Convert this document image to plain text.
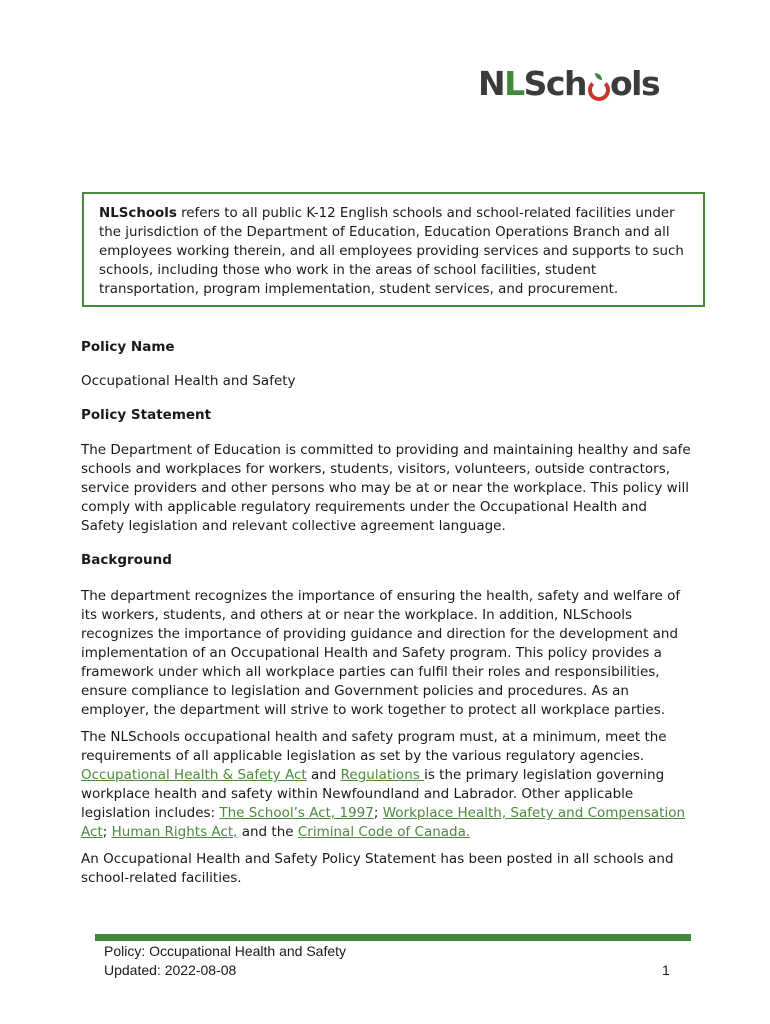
NLSch ols

NLSchools refers to all public K-12 English schools and school-related facilities under the jurisdiction of the Department of Education, Education Operations Branch and all employees working therein, and all employees providing services and supports to such schools, including those who work in the areas of school facilities, student transportation, program implementation, student services, and procurement.

Policy Name

Occupational Health and Safety

Policy Statement

The Department of Education is committed to providing and maintaining healthy and safe schools and workplaces for workers, students, visitors, volunteers, outside contractors, service providers and other persons who may be at or near the workplace. This policy will comply with applicable regulatory requirements under the Occupational Health and Safety legislation and relevant collective agreement language.

Background

The department recognizes the importance of ensuring the health, safety and welfare of its workers, students, and others at or near the workplace. In addition, NLSchools recognizes the importance of providing guidance and direction for the development and implementation of an Occupational Health and Safety program. This policy provides a framework under which all workplace parties can fulfil their roles and responsibilities, ensure compliance to legislation and Government policies and procedures. As an employer, the department will strive to work together to protect all workplace parties.

The NLSchools occupational health and safety program must, at a minimum, meet the requirements of all applicable legislation as set by the various regulatory agencies. Occupational Health & Safety Act and Regulations is the primary legislation governing workplace health and safety within Newfoundland and Labrador. Other applicable legislation includes: The School’s Act, 1997; Workplace Health, Safety and Compensation Act; Human Rights Act, and the Criminal Code of Canada.

An Occupational Health and Safety Policy Statement has been posted in all schools and school-related facilities.

Policy: Occupational Health and Safety
Updated: 2022-08-08	1
